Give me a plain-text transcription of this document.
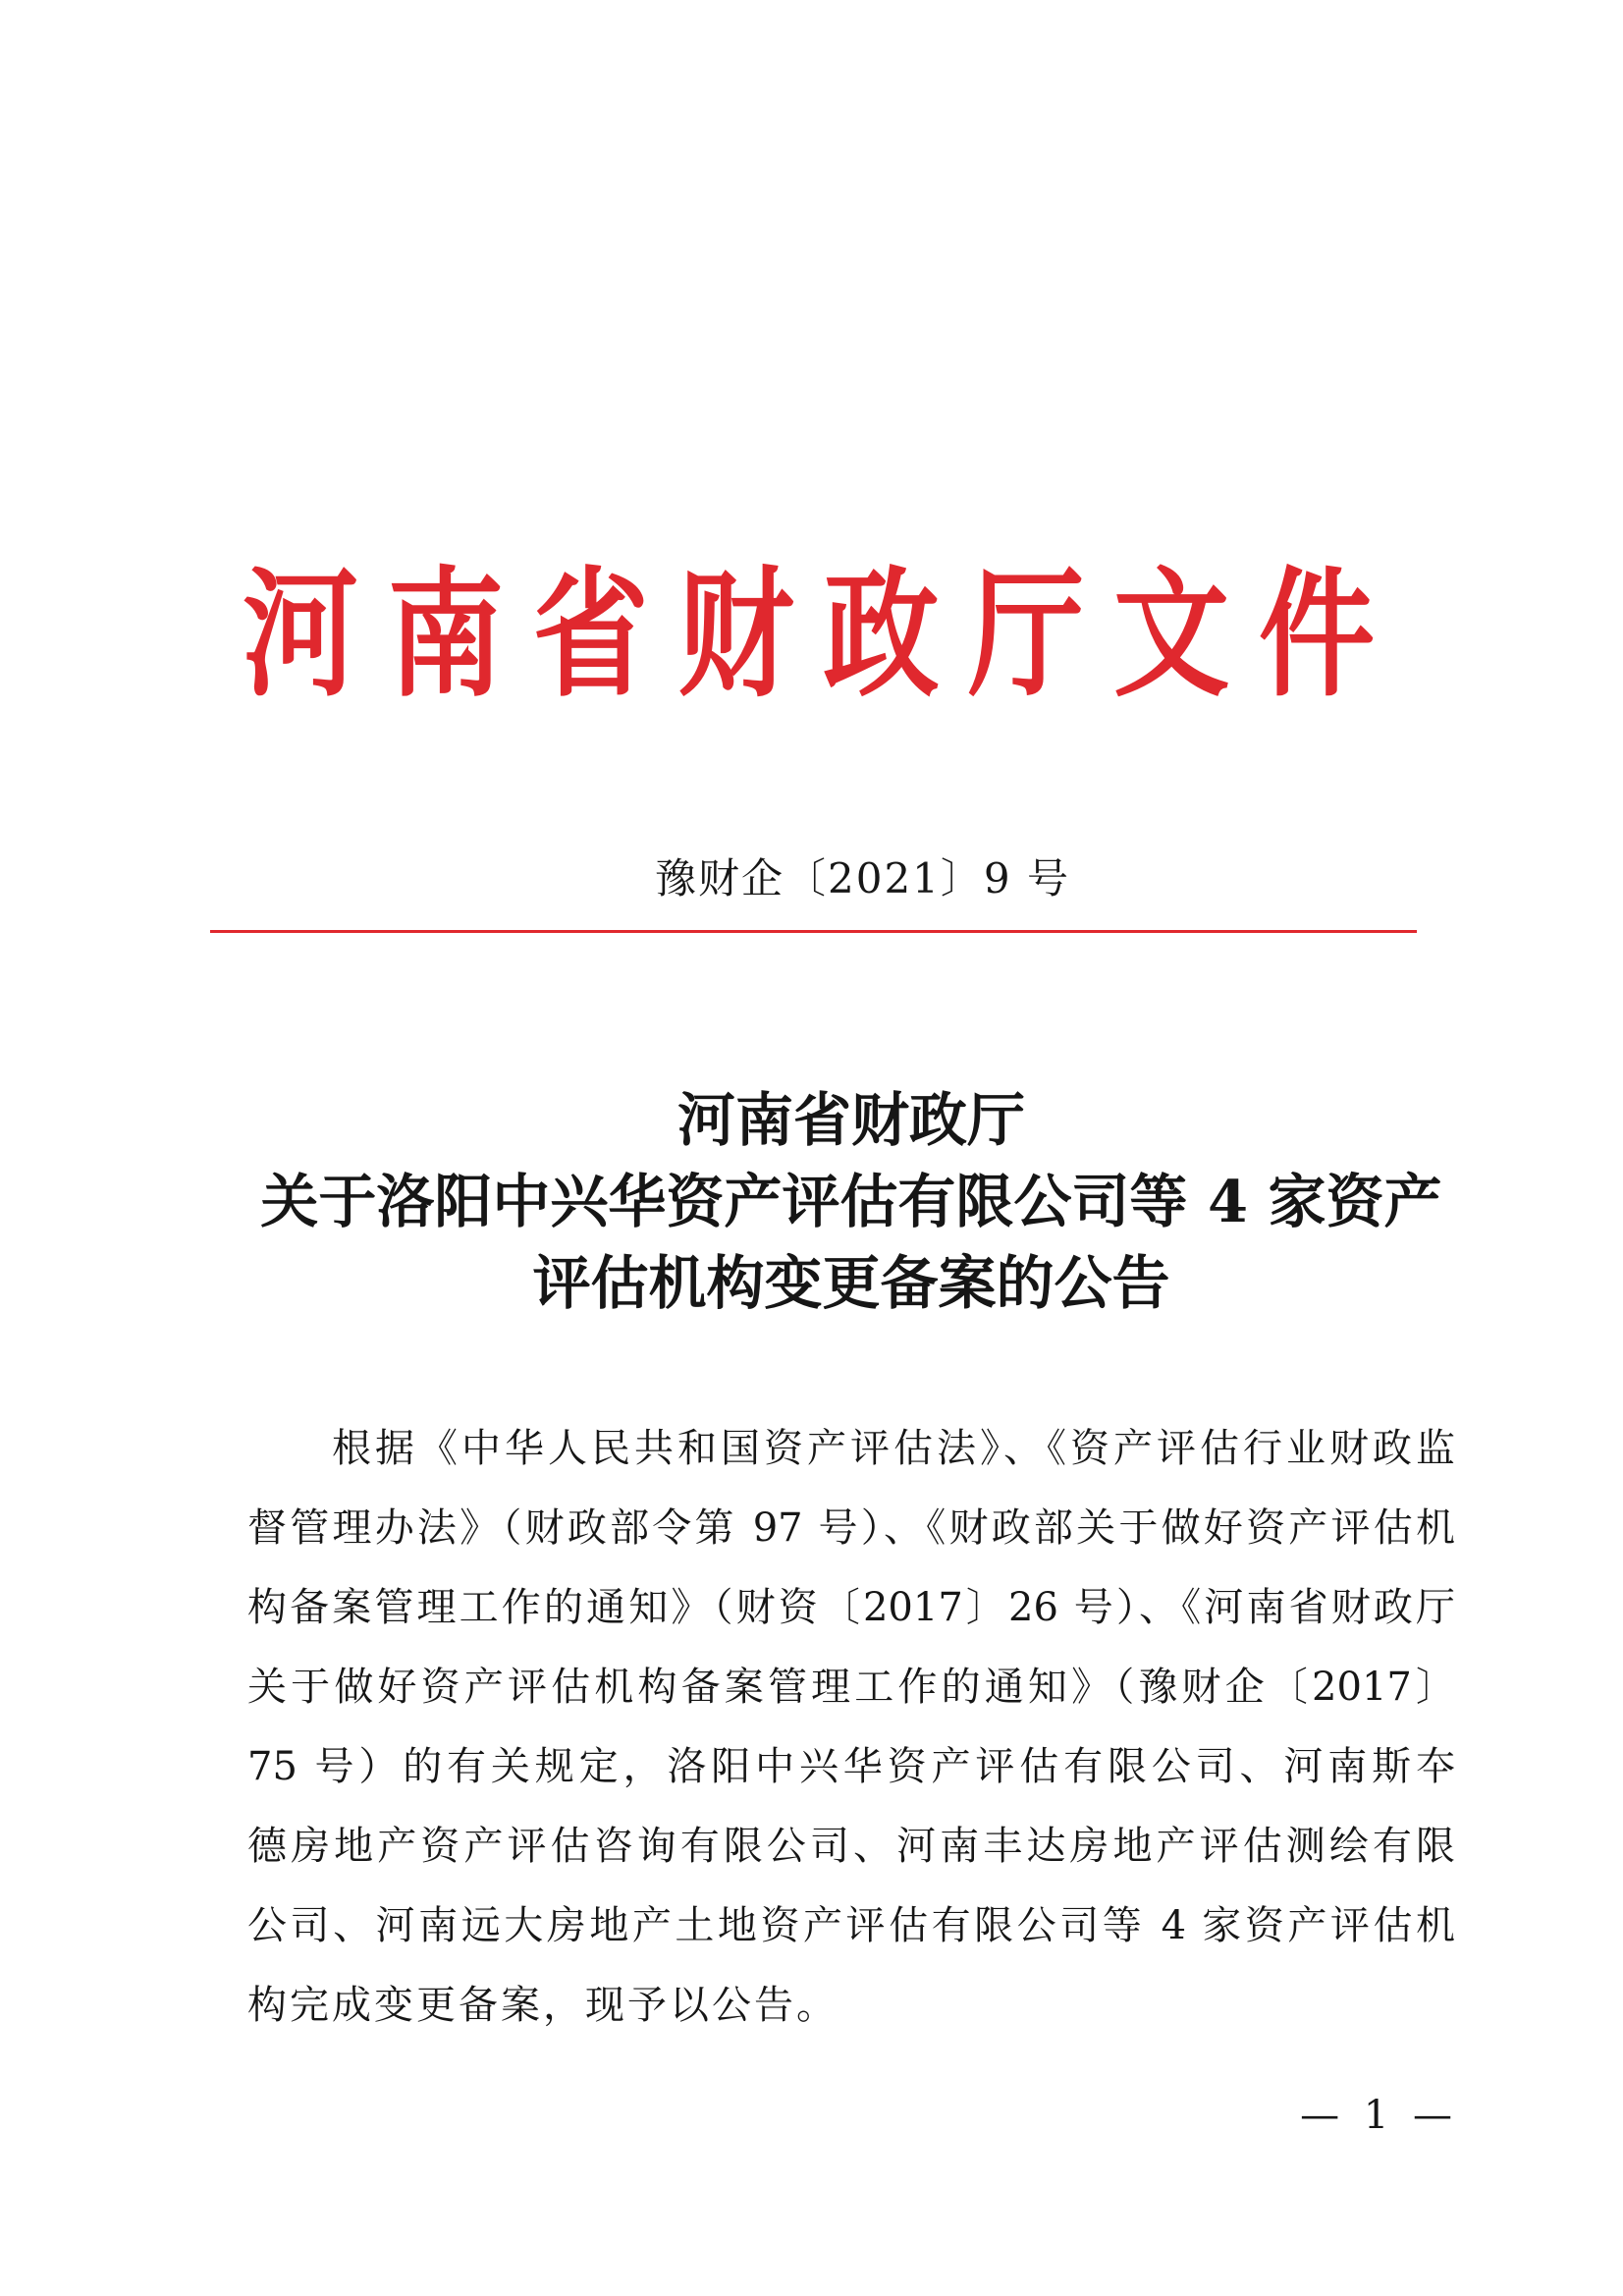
河南省财政厅文件
豫财企〔2021〕9 号
河南省财政厅
关于洛阳中兴华资产评估有限公司等 4 家资产
评估机构变更备案的公告
根据《中华人民共和国资产评估法》、《资产评估行业财政监
督管理办法》（财政部令第 97 号）、《财政部关于做好资产评估机
构备案管理工作的通知》（财资〔2017〕26 号）、《河南省财政厅
关于做好资产评估机构备案管理工作的通知》（豫财企〔2017〕
75 号）的有关规定，洛阳中兴华资产评估有限公司、河南斯夲
德房地产资产评估咨询有限公司、河南丰达房地产评估测绘有限
公司、河南远大房地产土地资产评估有限公司等 4 家资产评估机
构完成变更备案，现予以公告。
— 1 —
